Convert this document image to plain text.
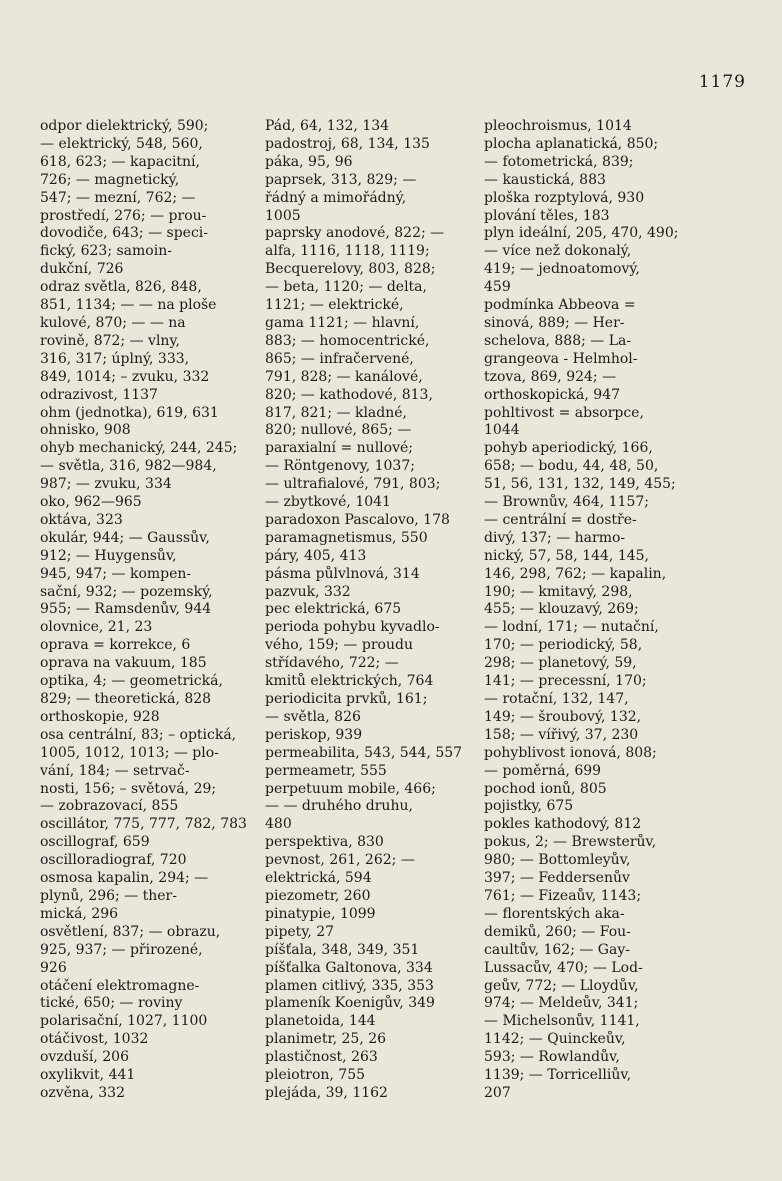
1179
odpor dielektrický, 590;
— elektrický, 548, 560,
618, 623; — kapacitní,
726; — magnetický,
547; — mezní, 762; —
prostředí, 276; — prou-
dovodiče, 643; — speci-
fický, 623; samoin-
dukční, 726
odraz světla, 826, 848,
851, 1134; — — na ploše
kulové, 870; — — na
rovině, 872; — vlny,
316, 317; úplný, 333,
849, 1014; – zvuku, 332
odrazivost, 1137
ohm (jednotka), 619, 631
ohnisko, 908
ohyb mechanický, 244, 245;
— světla, 316, 982—984,
987; — zvuku, 334
oko, 962—965
oktáva, 323
okulár, 944; — Gaussův,
912; — Huygensův,
945, 947; — kompen-
sační, 932; — pozemský,
955; — Ramsdenův, 944
olovnice, 21, 23
oprava = korrekce, 6
oprava na vakuum, 185
optika, 4; — geometrická,
829; — theoretická, 828
orthoskopie, 928
osa centrální, 83; – optická,
1005, 1012, 1013; — plo-
vání, 184; — setrvač-
nosti, 156; – světová, 29;
— zobrazovací, 855
oscillátor, 775, 777, 782, 783
oscillograf, 659
oscilloradiograf, 720
osmosa kapalin, 294; —
plynů, 296; — ther-
mická, 296
osvětlení, 837; — obrazu,
925, 937; — přirozené,
926
otáčení elektromagne-
tické, 650; — roviny
polarisační, 1027, 1100
otáčivost, 1032
ovzduší, 206
oxylikvit, 441
ozvěna, 332
Pád, 64, 132, 134
padostroj, 68, 134, 135
páka, 95, 96
paprsek, 313, 829; —
řádný a mimořádný,
1005
paprsky anodové, 822; —
alfa, 1116, 1118, 1119;
Becquerelovy, 803, 828;
— beta, 1120; — delta,
1121; — elektrické,
gama 1121; — hlavní,
883; — homocentrické,
865; — infračervené,
791, 828; — kanálové,
820; — kathodové, 813,
817, 821; — kladné,
820; nullové, 865; —
paraxialní = nullové;
— Röntgenovy, 1037;
— ultrafialové, 791, 803;
— zbytkové, 1041
paradoxon Pascalovo, 178
paramagnetismus, 550
páry, 405, 413
pásma půlvlnová, 314
pazvuk, 332
pec elektrická, 675
perioda pohybu kyvadlo-
vého, 159; — proudu
střídavého, 722; —
kmitů elektrických, 764
periodicita prvků, 161;
— světla, 826
periskop, 939
permeabilita, 543, 544, 557
permeametr, 555
perpetuum mobile, 466;
— — druhého druhu,
480
perspektiva, 830
pevnost, 261, 262; —
elektrická, 594
piezometr, 260
pinatypie, 1099
pipety, 27
píšťala, 348, 349, 351
píšťalka Galtonova, 334
plamen citlivý, 335, 353
plameník Koenigův, 349
planetoida, 144
planimetr, 25, 26
plastičnost, 263
pleiotron, 755
plejáda, 39, 1162
pleochroismus, 1014
plocha aplanatická, 850;
— fotometrická, 839;
— kaustická, 883
ploška rozptylová, 930
plování těles, 183
plyn ideální, 205, 470, 490;
— více než dokonalý,
419; — jednoatomový,
459
podmínka Abbeova =
sinová, 889; — Her-
schelova, 888; — La-
grangeova - Helmhol-
tzova, 869, 924; —
orthoskopická, 947
pohltivost = absorpce,
1044
pohyb aperiodický, 166,
658; — bodu, 44, 48, 50,
51, 56, 131, 132, 149, 455;
— Brownův, 464, 1157;
— centrální = dostře-
divý, 137; — harmo-
nický, 57, 58, 144, 145,
146, 298, 762; — kapalin,
190; — kmitavý, 298,
455; — klouzavý, 269;
— lodní, 171; — nutační,
170; — periodický, 58,
298; — planetový, 59,
141; — precessní, 170;
— rotační, 132, 147,
149; — šroubový, 132,
158; — vířivý, 37, 230
pohyblivost ionová, 808;
— poměrná, 699
pochod ionů, 805
pojistky, 675
pokles kathodový, 812
pokus, 2; — Brewsterův,
980; — Bottomleyův,
397; — Feddersenův
761; — Fizeaův, 1143;
— florentských aka-
demiků, 260; — Fou-
caultův, 162; — Gay-
Lussacův, 470; — Lod-
geův, 772; — Lloydův,
974; — Meldeův, 341;
— Michelsonův, 1141,
1142; — Quinckeův,
593; — Rowlandův,
1139; — Torricelliův,
207
